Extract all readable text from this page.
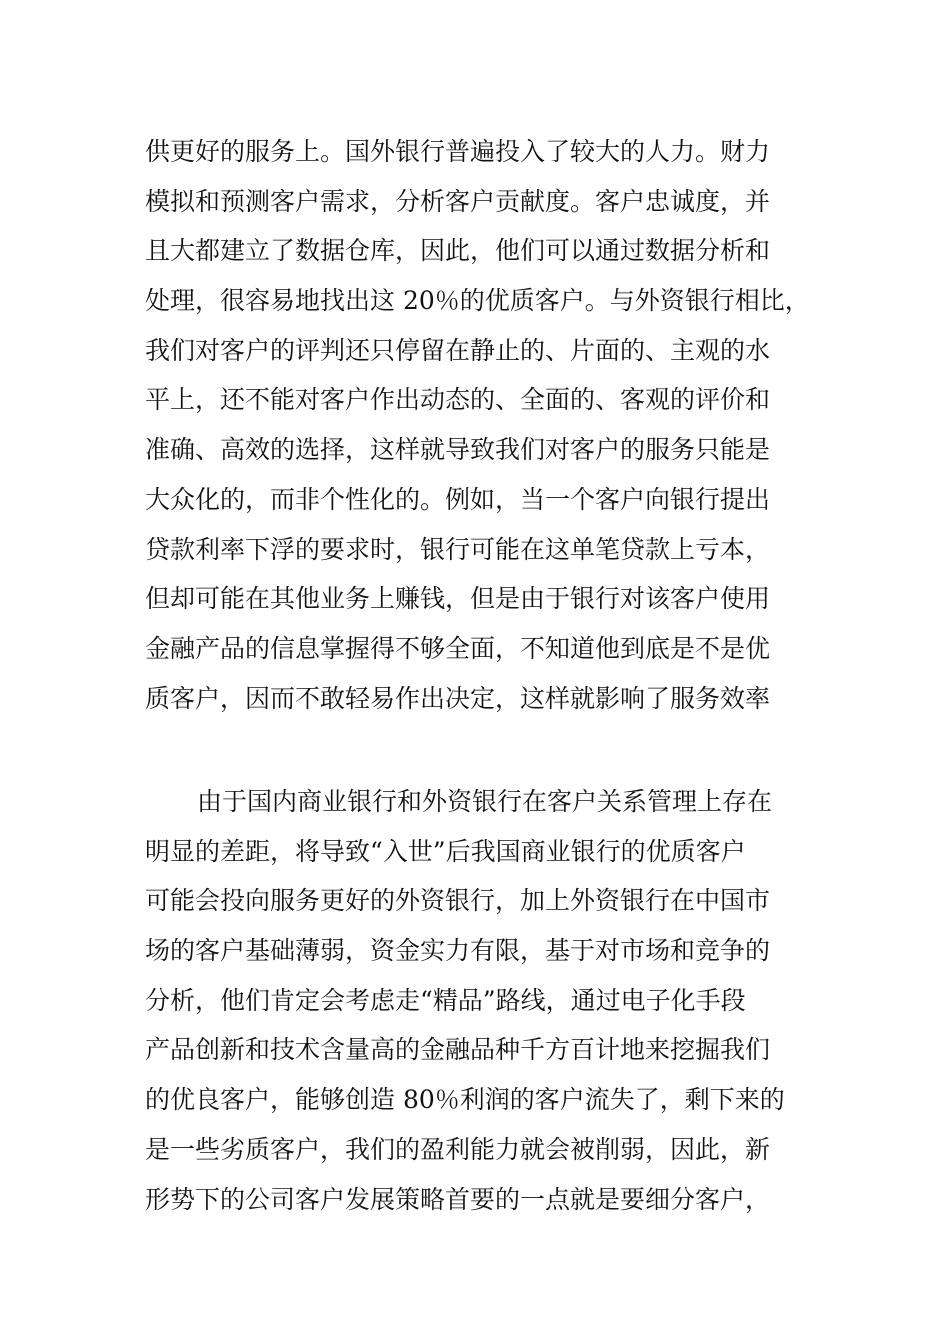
供更好的服务上。国外银行普遍投入了较大的人力。财力
模拟和预测客户需求，分析客户贡献度。客户忠诚度，并
且大都建立了数据仓库，因此，他们可以通过数据分析和
处理，很容易地找出这 20％的优质客户。与外资银行相比，
我们对客户的评判还只停留在静止的、片面的、主观的水
平上，还不能对客户作出动态的、全面的、客观的评价和
准确、高效的选择，这样就导致我们对客户的服务只能是
大众化的，而非个性化的。例如，当一个客户向银行提出
贷款利率下浮的要求时，银行可能在这单笔贷款上亏本，
但却可能在其他业务上赚钱，但是由于银行对该客户使用
金融产品的信息掌握得不够全面，不知道他到底是不是优
质客户，因而不敢轻易作出决定，这样就影响了服务效率

由于国内商业银行和外资银行在客户关系管理上存在
明显的差距，将导致“入世”后我国商业银行的优质客户
可能会投向服务更好的外资银行，加上外资银行在中国市
场的客户基础薄弱，资金实力有限，基于对市场和竞争的
分析，他们肯定会考虑走“精品”路线，通过电子化手段
产品创新和技术含量高的金融品种千方百计地来挖掘我们
的优良客户，能够创造 80％利润的客户流失了，剩下来的
是一些劣质客户，我们的盈利能力就会被削弱，因此，新
形势下的公司客户发展策略首要的一点就是要细分客户，
